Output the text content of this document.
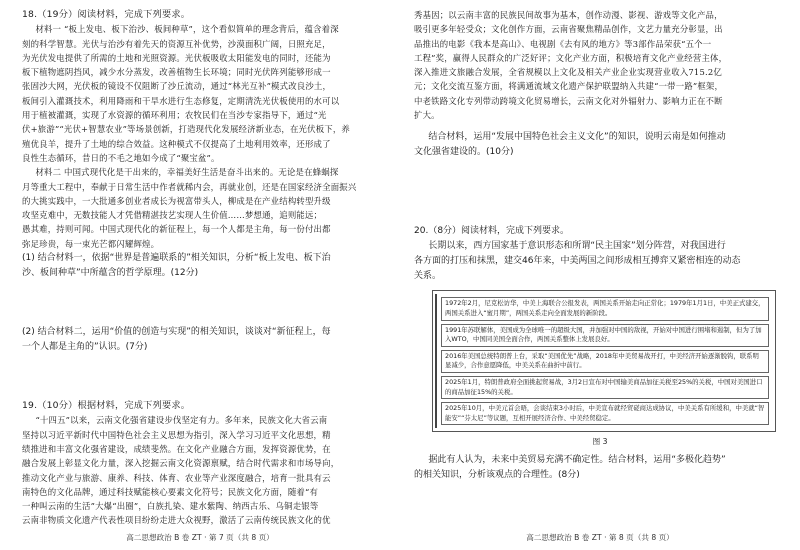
18.（19分）阅读材料，完成下列要求。

材料一 “板上发电、板下治沙、板间种草”，这个看似简单的理念背后，蕴含着深

刻的科学智慧。光伏与治沙有着先天的资源互补优势，沙漠面积广阔，日照充足，

为光伏发电提供了所需的土地和光照资源。光伏板吸收太阳能发电的同时，还能为

板下植物遮阴挡风，减少水分蒸发，改善植物生长环境；同时光伏阵列能够形成一

张固沙大网，光伏板的镜设不仅阻断了沙丘流动，通过“林光互补”模式改良沙土，

板间引入灌溉技术，利用降雨和干旱水进行生态修复，定期清洗光伏板使用的水可以

用于植被灌溉，实现了水资源的循环利用；农牧民们在当沙专家指导下，通过“光

伏+旅游”“光伏+智慧农业”等场景创新，打造现代化发展经济新业态，在光伏板下，养

殖优良羊，提升了土地的综合效益。这种模式不仅提高了土地利用效率，还形成了

良性生态循环，昔日的不毛之地如今成了“聚宝盆”。

材料二 中国式现代化是干出来的，幸福美好生活是奋斗出来的。无论是在蜂蜗探

月等重大工程中，奉献于日常生活中作者就稀内会，再就业创，还是在国家经济全面振兴

的大挑实践中，一大批通多创业者成长为视富带头人，柳成是在产业结构转型升级

攻坚克难中，无数技能人才凭借精湛技艺实现人生价值……梦想通，追则能远；

愚其难，持则可闻。中国式现代化的新征程上，每一个人都是主角，每一份付出都

弥足珍贵，每一束光芒都闪耀辉煌。

(1) 结合材料一，依据“世界是普遍联系的”相关知识，分析“板上发电、板下治

沙、板间种草”中所蕴含的哲学原理。(12分)

(2) 结合材料二，运用“价值的创造与实现”的相关知识，谈谈对“新征程上，每

一个人都是主角的”认识。(7分)

19.（10分）根据材料，完成下列要求。

“十四五”以来，云南文化强省建设步伐坚定有力。多年来，民族文化大省云南

坚持以习近平新时代中国特色社会主义思想为指引，深入学习习近平文化思想，精

绩推进和丰富文化强省建设，成绩斐然。在文化产业融合方面，发挥资源优势，在

融合发展上彰显文化力量，深入挖掘云南文化资源禀赋，结合时代需求和市场导向，

推动文化产业与旅游、康养、科技、体育、农业等产业深度融合，培育一批具有云

南特色的文化品牌，通过科技赋能核心要素文化符号；民族文化方面，随着“有

一种叫云南的生活”大爆“出圈”，白族扎染、建水紫陶、纳西古乐、乌铜走银等

云南非物质文化遗产代表性项目纷纷走进大众视野，激活了云南传统民族文化的优

高二思想政治 B 卷 ZT · 第 7 页（共 8 页）

秀基因；以云南丰富的民族民间故事为基本，创作动漫、影视、游戏等文化产品，

吸引更多年轻受众；文化创作方面，云南省聚焦精品创作，文艺力量充分彰显，出

品推出的电影《我本是高山》、电视剧《去有风的地方》等3部作品荣获“五个一

工程”奖，赢得人民群众的广泛好评；文化产业方面，积极培育文化产业经营主体，

深入推进文旅融合发展，全省规模以上文化及相关产业企业实现营业收入715.2亿

元；文化交流互鉴方面，将满通流域文化遗产保护联盟纳入共建“一带一路”框架，

中老铁路文化专列带动跨境文化贸易增长，云南文化对外辐射力、影响力正在不断

扩大。

结合材料，运用“发展中国特色社会主义文化”的知识，说明云南是如何推动

文化强省建设的。(10分)

20.（8分）阅读材料，完成下列要求。

长期以来，西方国家基于意识形态和所谓“民主国家”划分阵营，对我国进行

各方面的打压和抹黑，建交46年来，中美两国之间形成相互搏弈又紧密相连的动态

关系。

1972年2月，尼克松访华，中美上海联合公报发表，两国关系开始走向正常化；1979年1月1日，中美正式建交，两国关系进入“蜜月期”，两国关系走向全面发展的新阶段。
1991年苏联解体，美国成为全球唯一的超级大国，并加强对中国的敌视，开始对中国进行围堵和遏制，但为了加入WTO，中国同美国全面合作，两国关系整体上发展良好。
2016年美国总统特朗普上台，采取“美国优先”战略，2018年中美贸易战开打，中美经济开始逐渐脱钩，联系明显减少，合作意愿降低，中美关系在曲折中前行。
2025年1月，特朗普政府全面挑起贸易战，3月2日宣布对中国输美商品加征关税至25%的关税，中国对美国进口的商品加征15%的关税。
2025年10月，中美元首会晤，会谈结束3小时后，中美宣布就经贸磋商达成协议，中美关系有所缓和，中美就“智能安”“芬太尼”等议题，互相开展经济合作、中美经贸稳定。
图 3

据此有人认为，未来中美贸易充满不确定性。结合材料，运用“多极化趋势”

的相关知识，分析该观点的合理性。(8分)

高二思想政治 B 卷 ZT · 第 8 页（共 8 页）
